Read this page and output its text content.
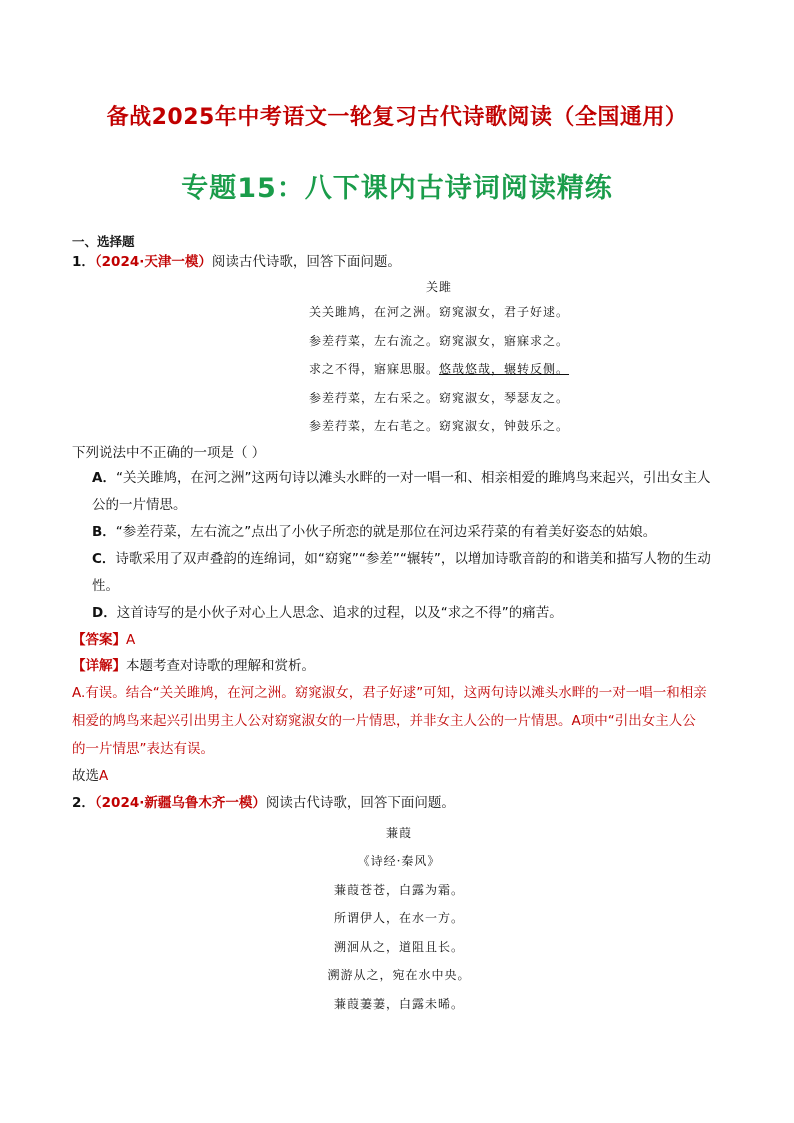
备战2025年中考语文一轮复习古代诗歌阅读（全国通用）
专题15：八下课内古诗词阅读精练
一、选择题
1．（2024·天津一模）阅读古代诗歌，回答下面问题。
关雎
关关雎鸠，在河之洲。窈窕淑女，君子好逑。
参差荇菜，左右流之。窈窕淑女，寤寐求之。
求之不得，寤寐思服。悠哉悠哉，辗转反侧。
参差荇菜，左右采之。窈窕淑女，琴瑟友之。
参差荇菜，左右芼之。窈窕淑女，钟鼓乐之。
下列说法中不正确的一项是（ ）
A．“关关雎鸠，在河之洲”这两句诗以滩头水畔的一对一唱一和、相亲相爱的雎鸠鸟来起兴，引出女主人
公的一片情思。
B．“参差荇菜，左右流之”点出了小伙子所恋的就是那位在河边采荇菜的有着美好姿态的姑娘。
C．诗歌采用了双声叠韵的连绵词，如“窈窕”“参差”“辗转”，以增加诗歌音韵的和谐美和描写人物的生动
性。
D．这首诗写的是小伙子对心上人思念、追求的过程，以及“求之不得”的痛苦。
【答案】A
【详解】本题考查对诗歌的理解和赏析。
A.有误。结合“关关雎鸠，在河之洲。窈窕淑女，君子好逑”可知，这两句诗以滩头水畔的一对一唱一和相亲
相爱的鸠鸟来起兴引出男主人公对窈窕淑女的一片情思，并非女主人公的一片情思。A项中“引出女主人公
的一片情思”表达有误。
故选A
2．（2024·新疆乌鲁木齐一模）阅读古代诗歌，回答下面问题。
蒹葭
《诗经·秦风》
蒹葭苍苍，白露为霜。
所谓伊人，在水一方。
溯洄从之，道阻且长。
溯游从之，宛在水中央。
蒹葭萋萋，白露未晞。
